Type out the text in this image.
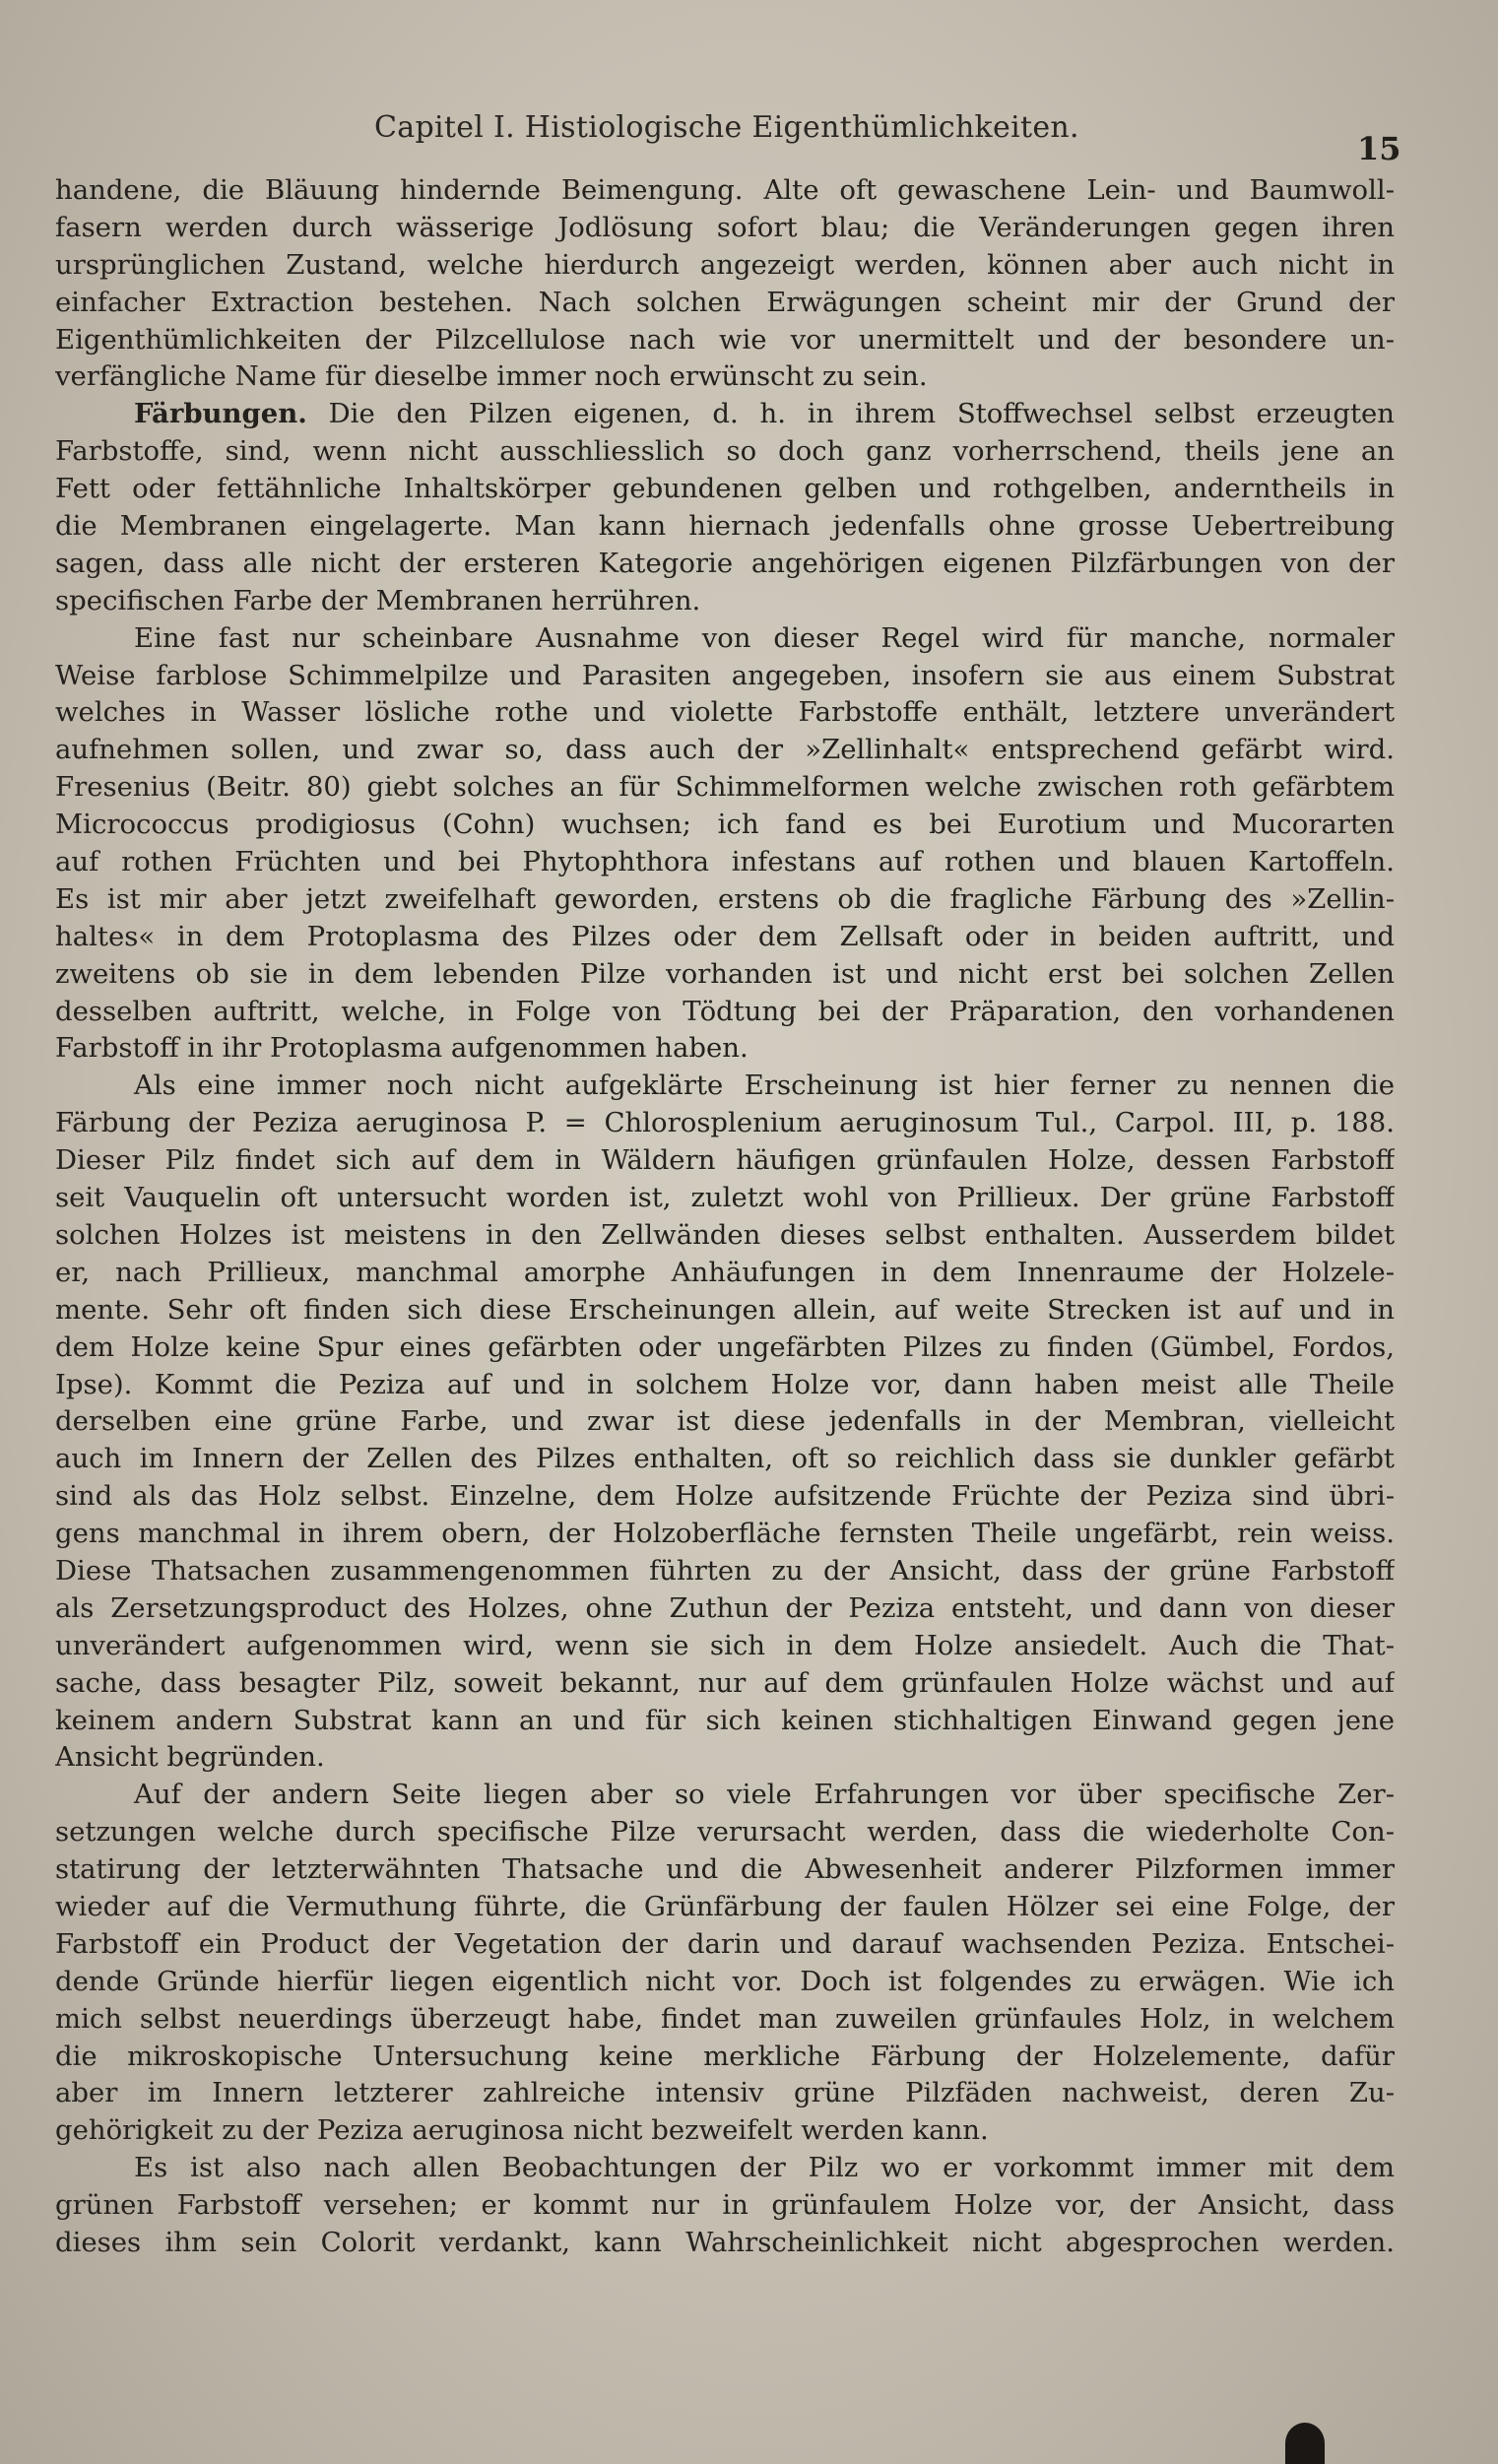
Capitel I. Histiologische Eigenthümlichkeiten.
15
handene, die Bläuung hindernde Beimengung. Alte oft gewaschene Lein- und Baumwoll-
fasern werden durch wässerige Jodlösung sofort blau; die Veränderungen gegen ihren
ursprünglichen Zustand, welche hierdurch angezeigt werden, können aber auch nicht in
einfacher Extraction bestehen. Nach solchen Erwägungen scheint mir der Grund der
Eigenthümlichkeiten der Pilzcellulose nach wie vor unermittelt und der besondere un-
verfängliche Name für dieselbe immer noch erwünscht zu sein.
Färbungen. Die den Pilzen eigenen, d. h. in ihrem Stoffwechsel selbst erzeugten
Farbstoffe, sind, wenn nicht ausschliesslich so doch ganz vorherrschend, theils jene an
Fett oder fettähnliche Inhaltskörper gebundenen gelben und rothgelben, anderntheils in
die Membranen eingelagerte. Man kann hiernach jedenfalls ohne grosse Uebertreibung
sagen, dass alle nicht der ersteren Kategorie angehörigen eigenen Pilzfärbungen von der
specifischen Farbe der Membranen herrühren.
Eine fast nur scheinbare Ausnahme von dieser Regel wird für manche, normaler
Weise farblose Schimmelpilze und Parasiten angegeben, insofern sie aus einem Substrat
welches in Wasser lösliche rothe und violette Farbstoffe enthält, letztere unverändert
aufnehmen sollen, und zwar so, dass auch der »Zellinhalt« entsprechend gefärbt wird.
Fresenius (Beitr. 80) giebt solches an für Schimmelformen welche zwischen roth gefärbtem
Micrococcus prodigiosus (Cohn) wuchsen; ich fand es bei Eurotium und Mucorarten
auf rothen Früchten und bei Phytophthora infestans auf rothen und blauen Kartoffeln.
Es ist mir aber jetzt zweifelhaft geworden, erstens ob die fragliche Färbung des »Zellin-
haltes« in dem Protoplasma des Pilzes oder dem Zellsaft oder in beiden auftritt, und
zweitens ob sie in dem lebenden Pilze vorhanden ist und nicht erst bei solchen Zellen
desselben auftritt, welche, in Folge von Tödtung bei der Präparation, den vorhandenen
Farbstoff in ihr Protoplasma aufgenommen haben.
Als eine immer noch nicht aufgeklärte Erscheinung ist hier ferner zu nennen die
Färbung der Peziza aeruginosa P. = Chlorosplenium aeruginosum Tul., Carpol. III, p. 188.
Dieser Pilz findet sich auf dem in Wäldern häufigen grünfaulen Holze, dessen Farbstoff
seit Vauquelin oft untersucht worden ist, zuletzt wohl von Prillieux. Der grüne Farbstoff
solchen Holzes ist meistens in den Zellwänden dieses selbst enthalten. Ausserdem bildet
er, nach Prillieux, manchmal amorphe Anhäufungen in dem Innenraume der Holzele-
mente. Sehr oft finden sich diese Erscheinungen allein, auf weite Strecken ist auf und in
dem Holze keine Spur eines gefärbten oder ungefärbten Pilzes zu finden (Gümbel, Fordos,
Ipse). Kommt die Peziza auf und in solchem Holze vor, dann haben meist alle Theile
derselben eine grüne Farbe, und zwar ist diese jedenfalls in der Membran, vielleicht
auch im Innern der Zellen des Pilzes enthalten, oft so reichlich dass sie dunkler gefärbt
sind als das Holz selbst. Einzelne, dem Holze aufsitzende Früchte der Peziza sind übri-
gens manchmal in ihrem obern, der Holzoberfläche fernsten Theile ungefärbt, rein weiss.
Diese Thatsachen zusammengenommen führten zu der Ansicht, dass der grüne Farbstoff
als Zersetzungsproduct des Holzes, ohne Zuthun der Peziza entsteht, und dann von dieser
unverändert aufgenommen wird, wenn sie sich in dem Holze ansiedelt. Auch die That-
sache, dass besagter Pilz, soweit bekannt, nur auf dem grünfaulen Holze wächst und auf
keinem andern Substrat kann an und für sich keinen stichhaltigen Einwand gegen jene
Ansicht begründen.
Auf der andern Seite liegen aber so viele Erfahrungen vor über specifische Zer-
setzungen welche durch specifische Pilze verursacht werden, dass die wiederholte Con-
statirung der letzterwähnten Thatsache und die Abwesenheit anderer Pilzformen immer
wieder auf die Vermuthung führte, die Grünfärbung der faulen Hölzer sei eine Folge, der
Farbstoff ein Product der Vegetation der darin und darauf wachsenden Peziza. Entschei-
dende Gründe hierfür liegen eigentlich nicht vor. Doch ist folgendes zu erwägen. Wie ich
mich selbst neuerdings überzeugt habe, findet man zuweilen grünfaules Holz, in welchem
die mikroskopische Untersuchung keine merkliche Färbung der Holzelemente, dafür
aber im Innern letzterer zahlreiche intensiv grüne Pilzfäden nachweist, deren Zu-
gehörigkeit zu der Peziza aeruginosa nicht bezweifelt werden kann.
Es ist also nach allen Beobachtungen der Pilz wo er vorkommt immer mit dem
grünen Farbstoff versehen; er kommt nur in grünfaulem Holze vor, der Ansicht, dass
dieses ihm sein Colorit verdankt, kann Wahrscheinlichkeit nicht abgesprochen werden.
